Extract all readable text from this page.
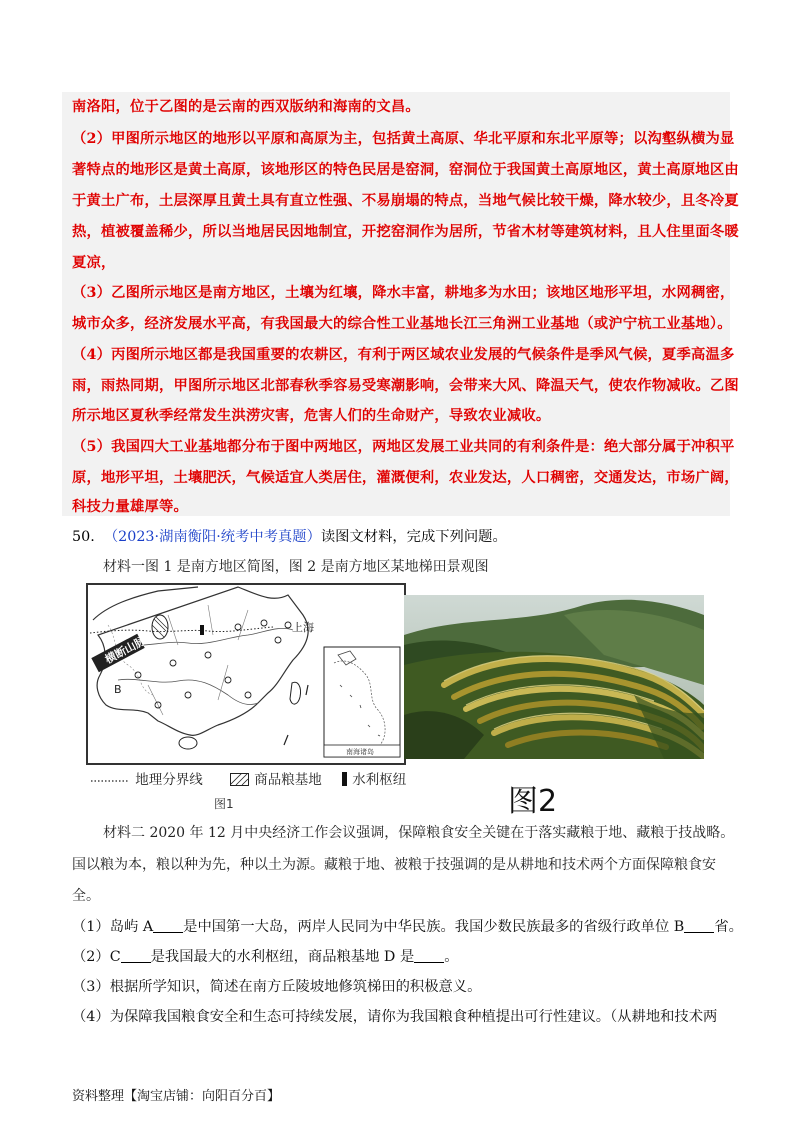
南洛阳，位于乙图的是云南的西双版纳和海南的文昌。
（2）甲图所示地区的地形以平原和高原为主，包括黄土高原、华北平原和东北平原等；以沟壑纵横为显
著特点的地形区是黄土高原，该地形区的特色民居是窑洞，窑洞位于我国黄土高原地区，黄土高原地区由
于黄土广布，土层深厚且黄土具有直立性强、不易崩塌的特点，当地气候比较干燥，降水较少，且冬冷夏
热，植被覆盖稀少，所以当地居民因地制宜，开挖窑洞作为居所，节省木材等建筑材料，且人住里面冬暖
夏凉，
（3）乙图所示地区是南方地区，土壤为红壤，降水丰富，耕地多为水田；该地区地形平坦，水网稠密，
城市众多，经济发展水平高，有我国最大的综合性工业基地长江三角洲工业基地（或沪宁杭工业基地）。
（4）丙图所示地区都是我国重要的农耕区，有利于两区域农业发展的气候条件是季风气候，夏季高温多
雨，雨热同期，甲图所示地区北部春秋季容易受寒潮影响，会带来大风、降温天气，使农作物减收。乙图
所示地区夏秋季经常发生洪涝灾害，危害人们的生命财产，导致农业减收。
（5）我国四大工业基地都分布于图中两地区，两地区发展工业共同的有利条件是：绝大部分属于冲积平
原，地形平坦，土壤肥沃，气候适宜人类居住，灌溉便利，农业发达，人口稠密，交通发达，市场广阔，
科技力量雄厚等。
50. （2023·湖南衡阳·统考中考真题）读图文材料，完成下列问题。
材料一图 1 是南方地区简图，图 2 是南方地区某地梯田景观图
上海
B
横断山脉
南海诸岛
地理分界线	商品粮基地	水利枢纽
图1	图2
材料二 2020 年 12 月中央经济工作会议强调，保障粮食安全关键在于落实藏粮于地、藏粮于技战略。
国以粮为本，粮以种为先，种以土为源。藏粮于地、被粮于技强调的是从耕地和技术两个方面保障粮食安
全。
（1）岛屿 A 是中国第一大岛，两岸人民同为中华民族。我国少数民族最多的省级行政单位 B 省。
（2）C 是我国最大的水利枢纽，商品粮基地 D 是 。
（3）根据所学知识，简述在南方丘陵坡地修筑梯田的积极意义。
（4）为保障我国粮食安全和生态可持续发展，请你为我国粮食种植提出可行性建议。（从耕地和技术两
资料整理【淘宝店铺：向阳百分百】
